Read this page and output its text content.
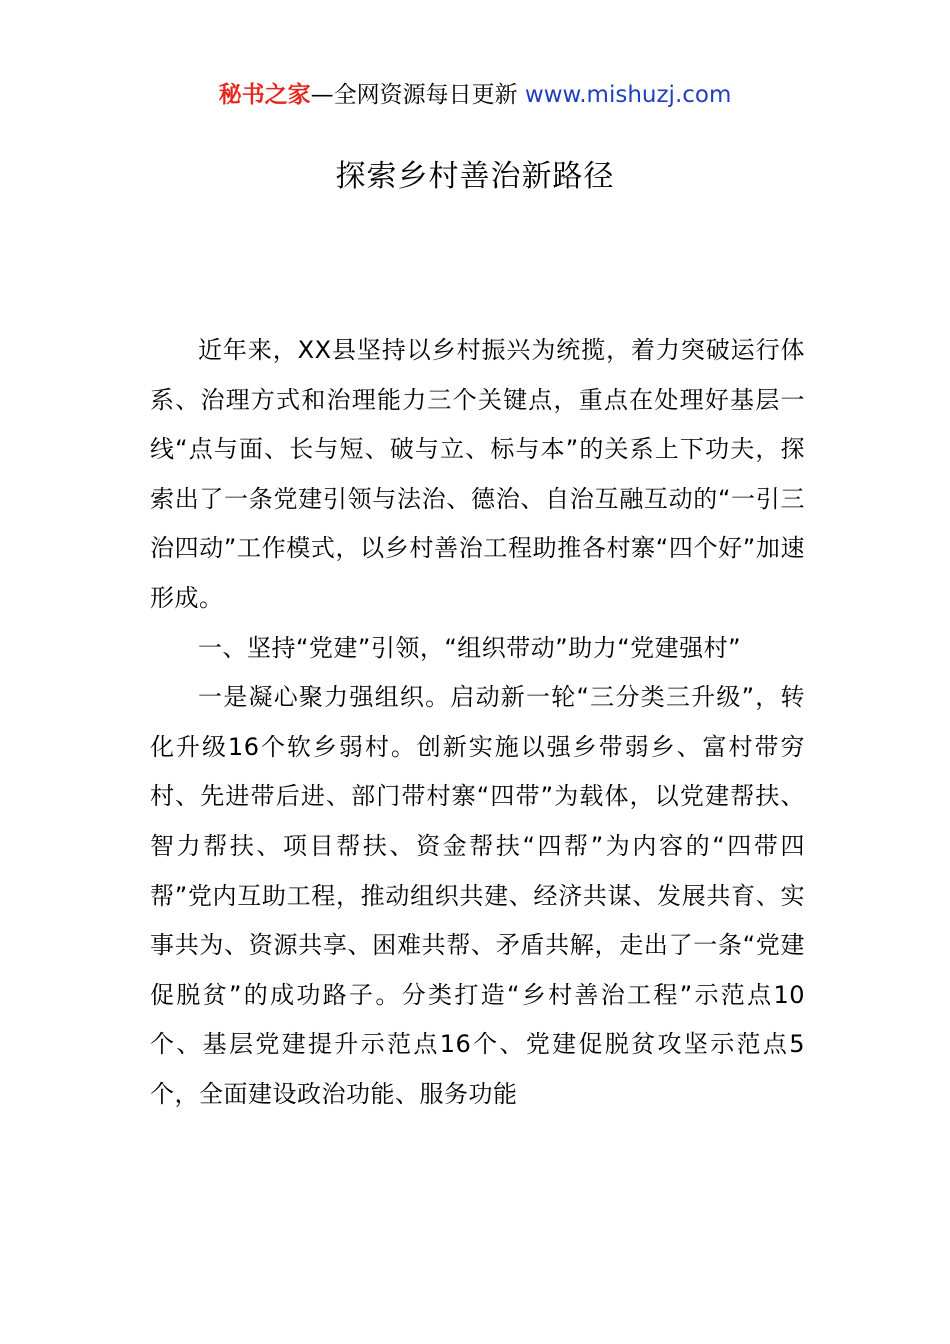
秘书之家—全网资源每日更新 www.mishuzj.com
探索乡村善治新路径

近年来，XX县坚持以乡村振兴为统揽，着力突破运行体系、治理方式和治理能力三个关键点，重点在处理好基层一线“点与面、长与短、破与立、标与本”的关系上下功夫，探索出了一条党建引领与法治、德治、自治互融互动的“一引三治四动”工作模式，以乡村善治工程助推各村寨“四个好”加速形成。

一、坚持“党建”引领，“组织带动”助力“党建强村”

一是凝心聚力强组织。启动新一轮“三分类三升级”，转化升级16个软乡弱村。创新实施以强乡带弱乡、富村带穷村、先进带后进、部门带村寨“四带”为载体，以党建帮扶、智力帮扶、项目帮扶、资金帮扶“四帮”为内容的“四带四帮”党内互助工程，推动组织共建、经济共谋、发展共育、实事共为、资源共享、困难共帮、矛盾共解，走出了一条“党建促脱贫”的成功路子。分类打造“乡村善治工程”示范点10个、基层党建提升示范点16个、党建促脱贫攻坚示范点5个，全面建设政治功能、服务功能
